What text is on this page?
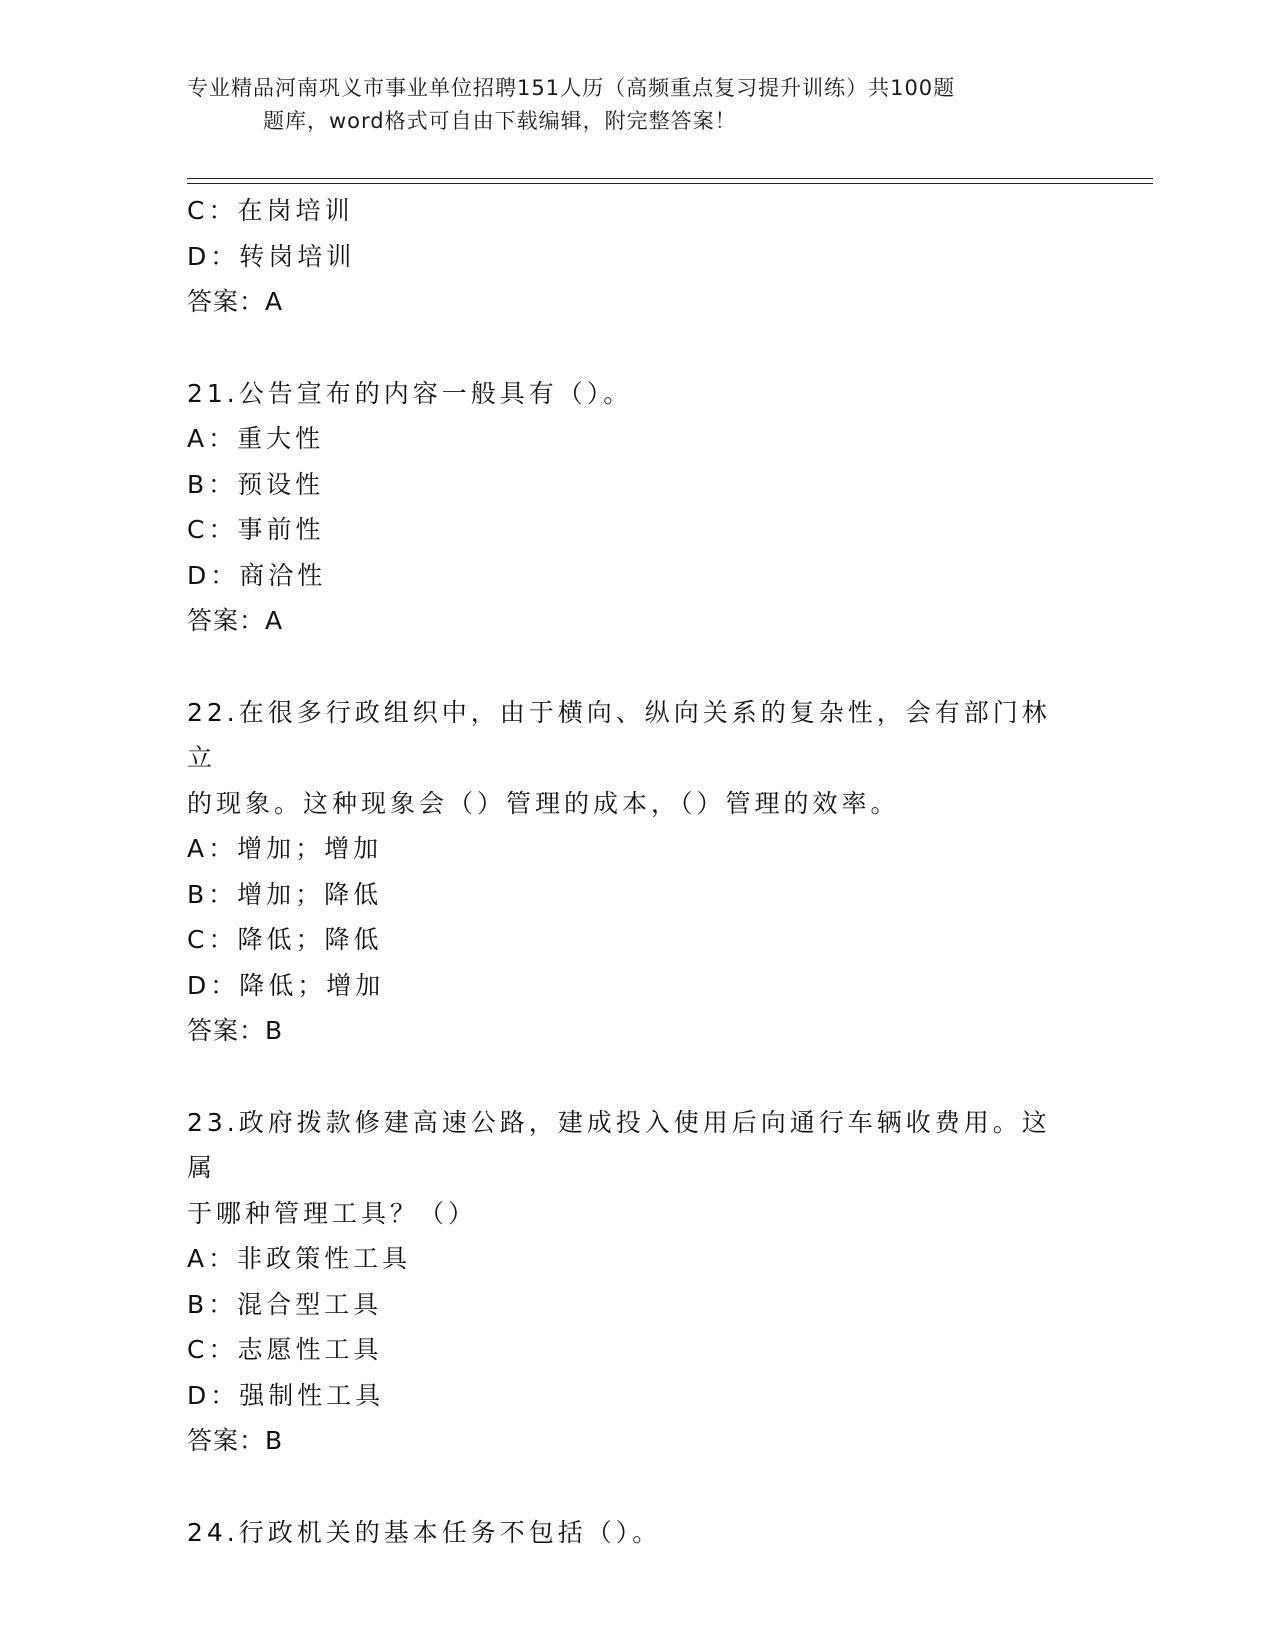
专业精品河南巩义市事业单位招聘151人历（高频重点复习提升训练）共100题
题库，word格式可自由下载编辑，附完整答案！

C：在岗培训

D：转岗培训

答案：A

21.公告宣布的内容一般具有（）。

A：重大性

B：预设性

C：事前性

D：商洽性

答案：A

22.在很多行政组织中，由于横向、纵向关系的复杂性，会有部门林立

的现象。这种现象会（）管理的成本，（）管理的效率。

A：增加；增加

B：增加；降低

C：降低；降低

D：降低；增加

答案：B

23.政府拨款修建高速公路，建成投入使用后向通行车辆收费用。这属

于哪种管理工具？（）

A：非政策性工具

B：混合型工具

C：志愿性工具

D：强制性工具

答案：B

24.行政机关的基本任务不包括（）。
